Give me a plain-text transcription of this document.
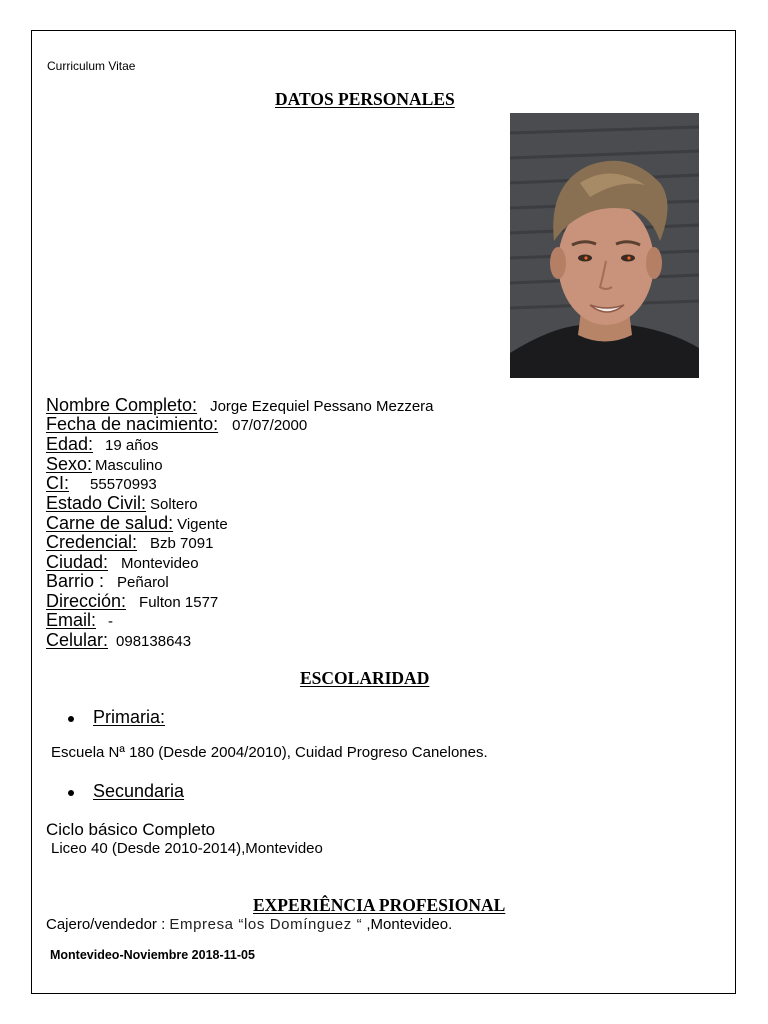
Curriculum Vitae
DATOS PERSONALES
Nombre Completo: Jorge Ezequiel Pessano Mezzera
Fecha de nacimiento: 07/07/2000
Edad: 19 años
Sexo: Masculino
CI: 55570993
Estado Civil: Soltero
Carne de salud: Vigente
Credencial: Bzb 7091
Ciudad: Montevideo
Barrio : Peñarol
Dirección: Fulton 1577
Email: -
Celular: 098138643
ESCOLARIDAD
Primaria:
Escuela Nª 180 (Desde 2004/2010), Cuidad Progreso Canelones.
Secundaria
Ciclo básico Completo
Liceo 40 (Desde 2010-2014),Montevideo
EXPERIÊNCIA PROFESIONAL
Cajero/vendedor : Empresa “los Domínguez “ ,Montevideo.
Montevideo-Noviembre 2018-11-05
